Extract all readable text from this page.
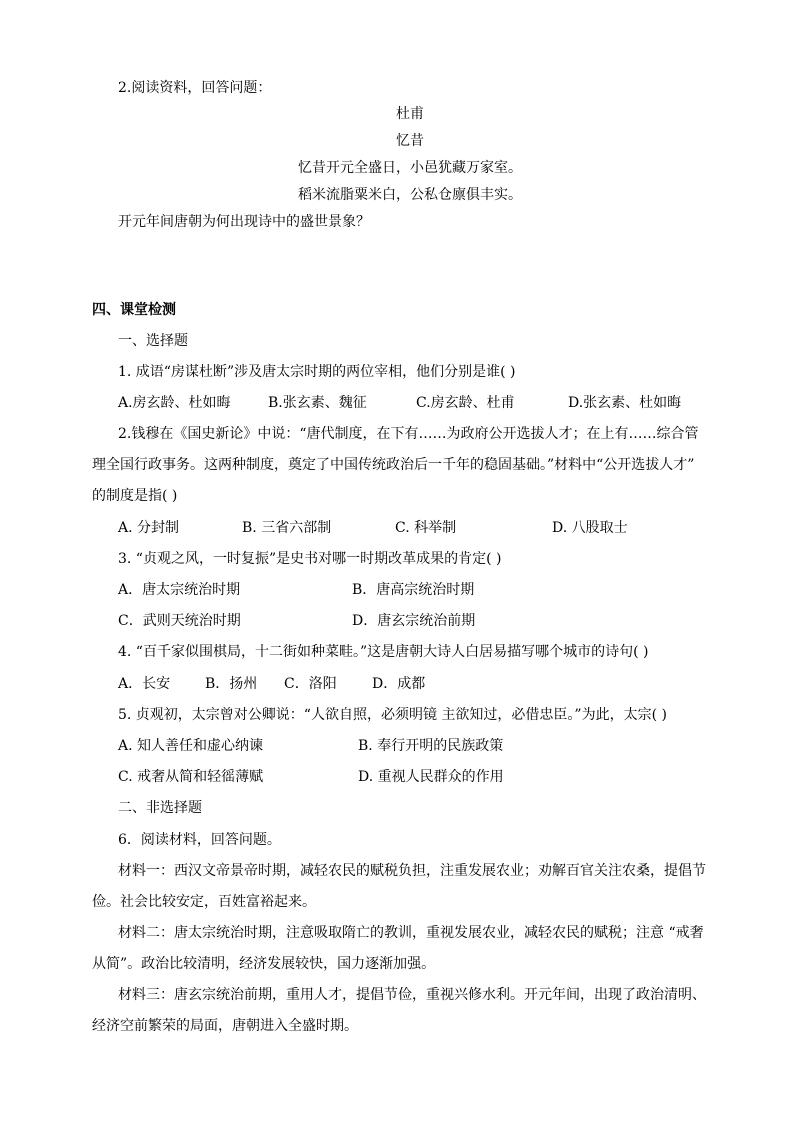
2.阅读资料，回答问题：
杜甫
忆昔
忆昔开元全盛日，小邑犹藏万家室。
稻米流脂粟米白，公私仓廪俱丰实。
开元年间唐朝为何出现诗中的盛世景象？
四、课堂检测
一、选择题
1. 成语“房谋杜断”涉及唐太宗时期的两位宰相，他们分别是谁( )
A.房玄龄、杜如晦	B.张玄素、魏征	C.房玄龄、杜甫	D.张玄素、杜如晦
2.钱穆在《国史新论》中说：“唐代制度，在下有……为政府公开选拔人才；在上有……综合管
理全国行政事务。这两种制度，奠定了中国传统政治后一千年的稳固基础。”材料中“公开选拔人才”
的制度是指( )
A. 分封制	B. 三省六部制	C. 科举制	D. 八股取士
3. “贞观之风，一时复振”是史书对哪一时期改革成果的肯定( )
A．唐太宗统治时期	B．唐高宗统治时期
C．武则天统治时期	D．唐玄宗统治前期
4. “百千家似围棋局，十二街如种菜畦。”这是唐朝大诗人白居易描写哪个城市的诗句( )
A．长安 B．扬州 C．洛阳	D．成都
5. 贞观初，太宗曾对公卿说：“人欲自照，必须明镜 主欲知过，必借忠臣。”为此，太宗( )
A. 知人善任和虚心纳谏	B. 奉行开明的民族政策
C. 戒奢从简和轻徭薄赋	D. 重视人民群众的作用
二、非选择题
6．阅读材料，回答问题。
材料一：西汉文帝景帝时期，减轻农民的赋税负担，注重发展农业；劝解百官关注农桑，提倡节
俭。社会比较安定，百姓富裕起来。
材料二：唐太宗统治时期，注意吸取隋亡的教训，重视发展农业，减轻农民的赋税；注意 “戒奢
从简”。政治比较清明，经济发展较快，国力逐渐加强。
材料三：唐玄宗统治前期，重用人才，提倡节俭，重视兴修水利。开元年间，出现了政治清明、
经济空前繁荣的局面，唐朝进入全盛时期。
